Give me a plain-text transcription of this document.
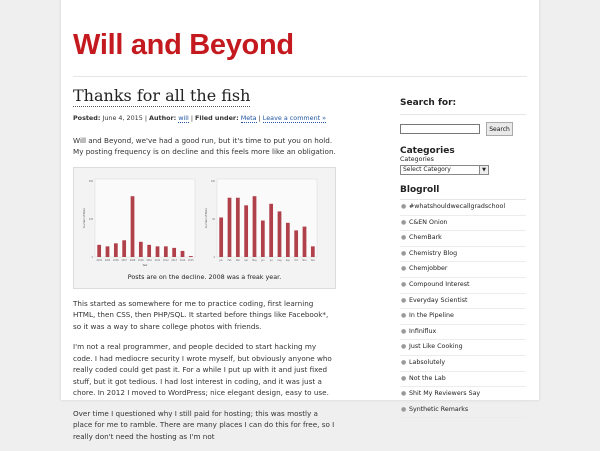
Will and Beyond
Thanks for all the fish
Posted: June 4, 2015 | Author: will | Filed under: Meta | Leave a comment »

Will and Beyond, we've had a good run, but it's time to put you on hold. My posting frequency is on decline and this feels more like an obligation.

2004 2005 2006 2007 2008 2009 2010 2011 2012 2013 2014 2015
0
125
250
Number of Posts
Year
Jan Feb Mar Apr May	Jun	Jul Aug Sep Oct Nov	Dec
0
50
100
Number of Posts
Posts are on the decline. 2008 was a freak year.

This started as somewhere for me to practice coding, first learning HTML, then CSS, then PHP/SQL. It started before things like Facebook*, so it was a way to share college photos with friends.

I'm not a real programmer, and people decided to start hacking my code. I had mediocre security I wrote myself, but obviously anyone who really coded could get past it. For a while I put up with it and just fixed stuff, but it got tedious. I had lost interest in coding, and it was just a chore. In 2012 I moved to WordPress; nice elegant design, easy to use.

Over time I questioned why I still paid for hosting; this was mostly a place for me to ramble. There are many places I can do this for free, so I really don't need the hosting as I'm not

Search for:
Search
Categories
Categories
Select Category	▼
Blogroll
● #whatshouldwecallgradschool
● C&EN Onion
● ChemBark
● Chemistry Blog
● Chemjobber
● Compound Interest
● Everyday Scientist
● In the Pipeline
● Infiniflux
● Just Like Cooking
● Labsolutely
● Not the Lab
● Shit My Reviewers Say
● Synthetic Remarks
